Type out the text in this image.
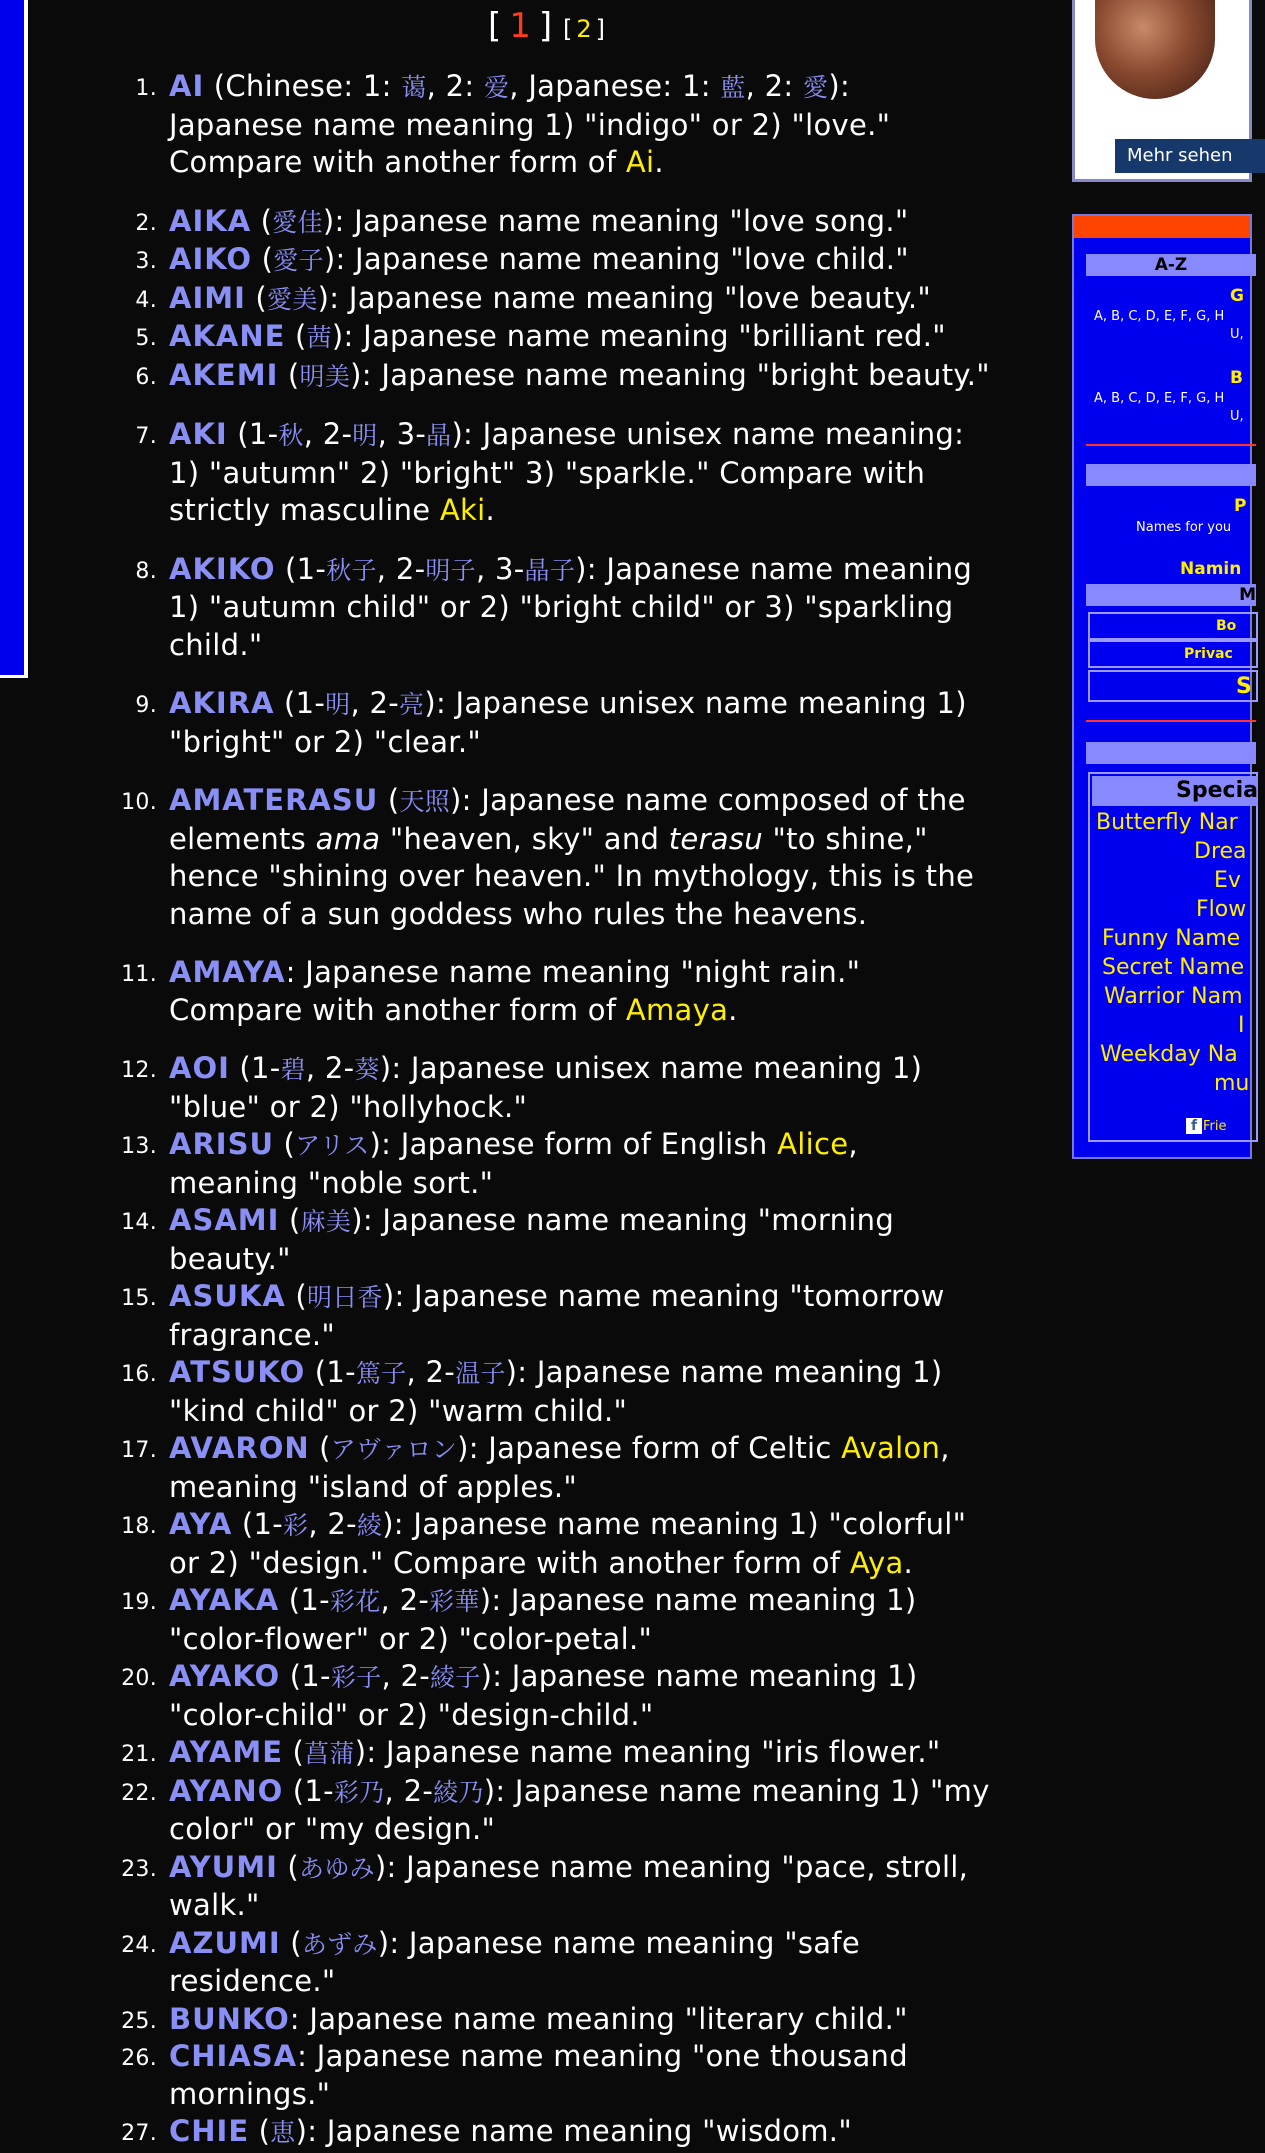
[ 1 ] [ 2 ]
1. AI (Chinese: 1: 蔼, 2: 爱, Japanese: 1: 藍, 2: 愛): Japanese name meaning 1) "indigo" or 2) "love." Compare with another form of Ai.
2. AIKA (愛佳): Japanese name meaning "love song."
3. AIKO (愛子): Japanese name meaning "love child."
4. AIMI (愛美): Japanese name meaning "love beauty."
5. AKANE (茜): Japanese name meaning "brilliant red."
6. AKEMI (明美): Japanese name meaning "bright beauty."
7. AKI (1-秋, 2-明, 3-晶): Japanese unisex name meaning: 1) "autumn" 2) "bright" 3) "sparkle." Compare with strictly masculine Aki.
8. AKIKO (1-秋子, 2-明子, 3-晶子): Japanese name meaning 1) "autumn child" or 2) "bright child" or 3) "sparkling child."
9. AKIRA (1-明, 2-亮): Japanese unisex name meaning 1) "bright" or 2) "clear."
10. AMATERASU (天照): Japanese name composed of the elements ama "heaven, sky" and terasu "to shine," hence "shining over heaven." In mythology, this is the name of a sun goddess who rules the heavens.
11. AMAYA: Japanese name meaning "night rain." Compare with another form of Amaya.
12. AOI (1-碧, 2-葵): Japanese unisex name meaning 1) "blue" or 2) "hollyhock."
13. ARISU (アリス): Japanese form of English Alice, meaning "noble sort."
14. ASAMI (麻美): Japanese name meaning "morning beauty."
15. ASUKA (明日香): Japanese name meaning "tomorrow fragrance."
16. ATSUKO (1-篤子, 2-温子): Japanese name meaning 1) "kind child" or 2) "warm child."
17. AVARON (アヴァロン): Japanese form of Celtic Avalon, meaning "island of apples."
18. AYA (1-彩, 2-綾): Japanese name meaning 1) "colorful" or 2) "design." Compare with another form of Aya.
19. AYAKA (1-彩花, 2-彩華): Japanese name meaning 1) "color-flower" or 2) "color-petal."
20. AYAKO (1-彩子, 2-綾子): Japanese name meaning 1) "color-child" or 2) "design-child."
21. AYAME (菖蒲): Japanese name meaning "iris flower."
22. AYANO (1-彩乃, 2-綾乃): Japanese name meaning 1) "my color" or "my design."
23. AYUMI (あゆみ): Japanese name meaning "pace, stroll, walk."
24. AZUMI (あずみ): Japanese name meaning "safe residence."
25. BUNKO: Japanese name meaning "literary child."
26. CHIASA: Japanese name meaning "one thousand mornings."
27. CHIE (恵): Japanese name meaning "wisdom."
Mehr sehen
A-Z
G
A, B, C, D, E, F, G, H
U,
B
A, B, C, D, E, F, G, H
U,
P
Names for you
Namin
M
Bo
Privac
S
Specia
Butterfly Nar
Drea
Ev
Flow
Funny Name
Secret Name
Warrior Nam
I
Weekday Na
mu
f Frie
